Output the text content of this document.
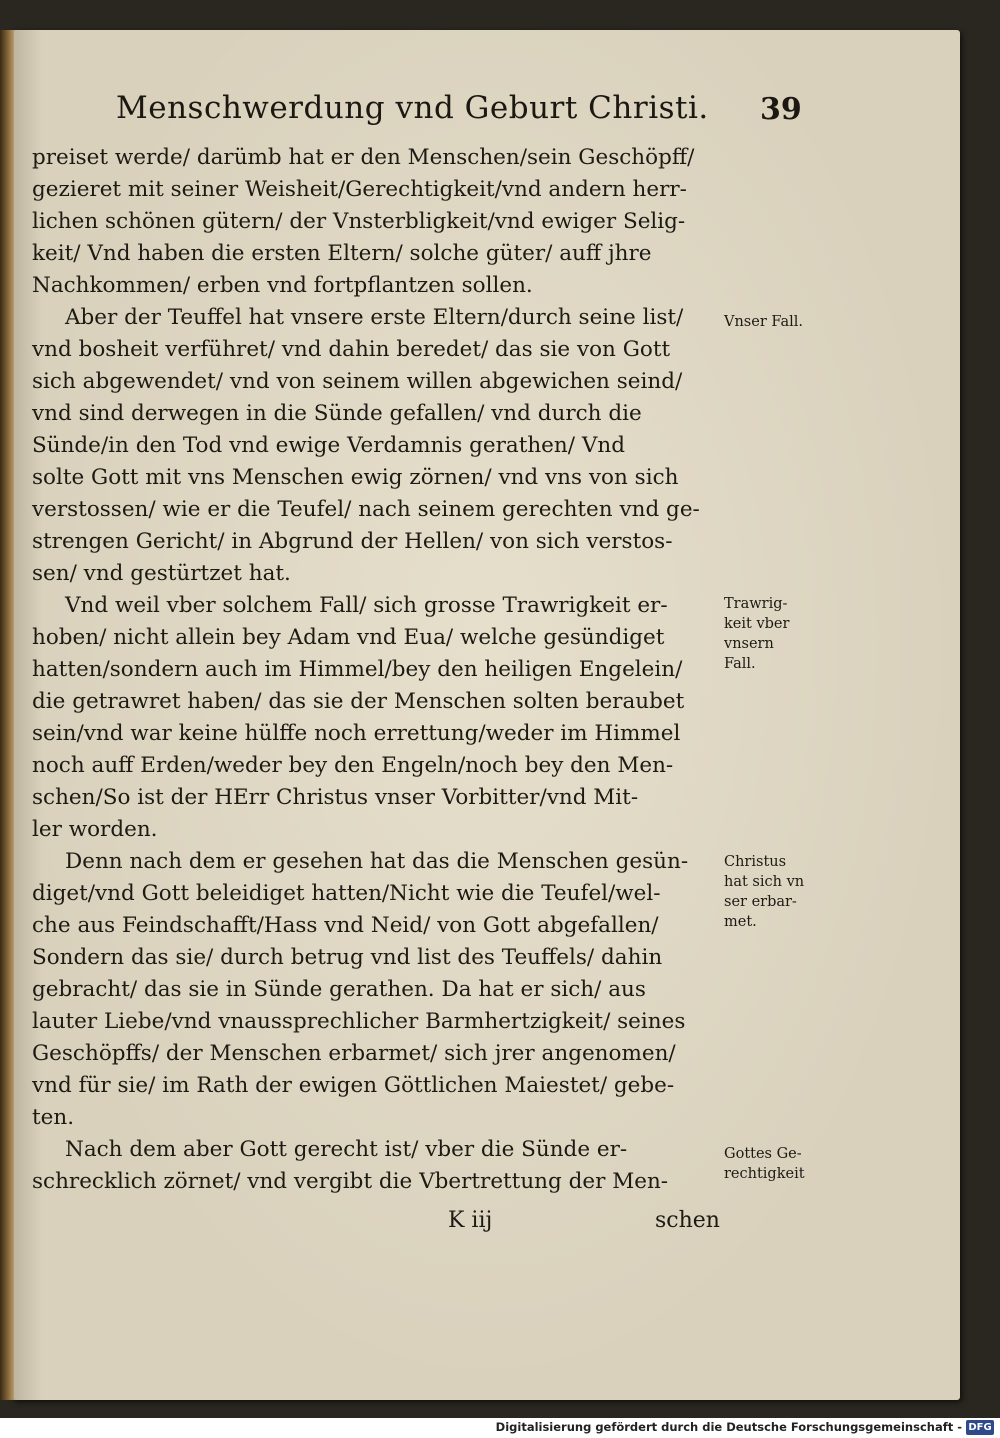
Menschwerdung vnd Geburt Christi. 39
preiset werde/ darümb hat er den Menschen/sein Geschöpff/
gezieret mit seiner Weisheit/Gerechtigkeit/vnd andern herr-
lichen schönen gütern/ der Vnsterbligkeit/vnd ewiger Selig-
keit/ Vnd haben die ersten Eltern/ solche güter/ auff jhre
Nachkommen/ erben vnd fortpflantzen sollen.
Aber der Teuffel hat vnsere erste Eltern/durch seine list/
vnd bosheit verführet/ vnd dahin beredet/ das sie von Gott
sich abgewendet/ vnd von seinem willen abgewichen seind/
vnd sind derwegen in die Sünde gefallen/ vnd durch die
Sünde/in den Tod vnd ewige Verdamnis gerathen/ Vnd
solte Gott mit vns Menschen ewig zörnen/ vnd vns von sich
verstossen/ wie er die Teufel/ nach seinem gerechten vnd ge-
strengen Gericht/ in Abgrund der Hellen/ von sich verstos-
sen/ vnd gestürtzet hat.
Vnd weil vber solchem Fall/ sich grosse Trawrigkeit er-
hoben/ nicht allein bey Adam vnd Eua/ welche gesündiget
hatten/sondern auch im Himmel/bey den heiligen Engelein/
die getrawret haben/ das sie der Menschen solten beraubet
sein/vnd war keine hülffe noch errettung/weder im Himmel
noch auff Erden/weder bey den Engeln/noch bey den Men-
schen/So ist der HErr Christus vnser Vorbitter/vnd Mit-
ler worden.
Denn nach dem er gesehen hat das die Menschen gesün-
diget/vnd Gott beleidiget hatten/Nicht wie die Teufel/wel-
che aus Feindschafft/Hass vnd Neid/ von Gott abgefallen/
Sondern das sie/ durch betrug vnd list des Teuffels/ dahin
gebracht/ das sie in Sünde gerathen. Da hat er sich/ aus
lauter Liebe/vnd vnaussprechlicher Barmhertzigkeit/ seines
Geschöpffs/ der Menschen erbarmet/ sich jrer angenomen/
vnd für sie/ im Rath der ewigen Göttlichen Maiestet/ gebe-
ten.
Nach dem aber Gott gerecht ist/ vber die Sünde er-
schrecklich zörnet/ vnd vergibt die Vbertrettung der Men-
Vnser Fall.
Trawrig-
keit vber
vnsern
Fall.
Christus
hat sich vn
ser erbar-
met.
Gottes Ge-
rechtigkeit
K iij	schen
Digitalisierung gefördert durch die Deutsche Forschungsgemeinschaft - DFG
